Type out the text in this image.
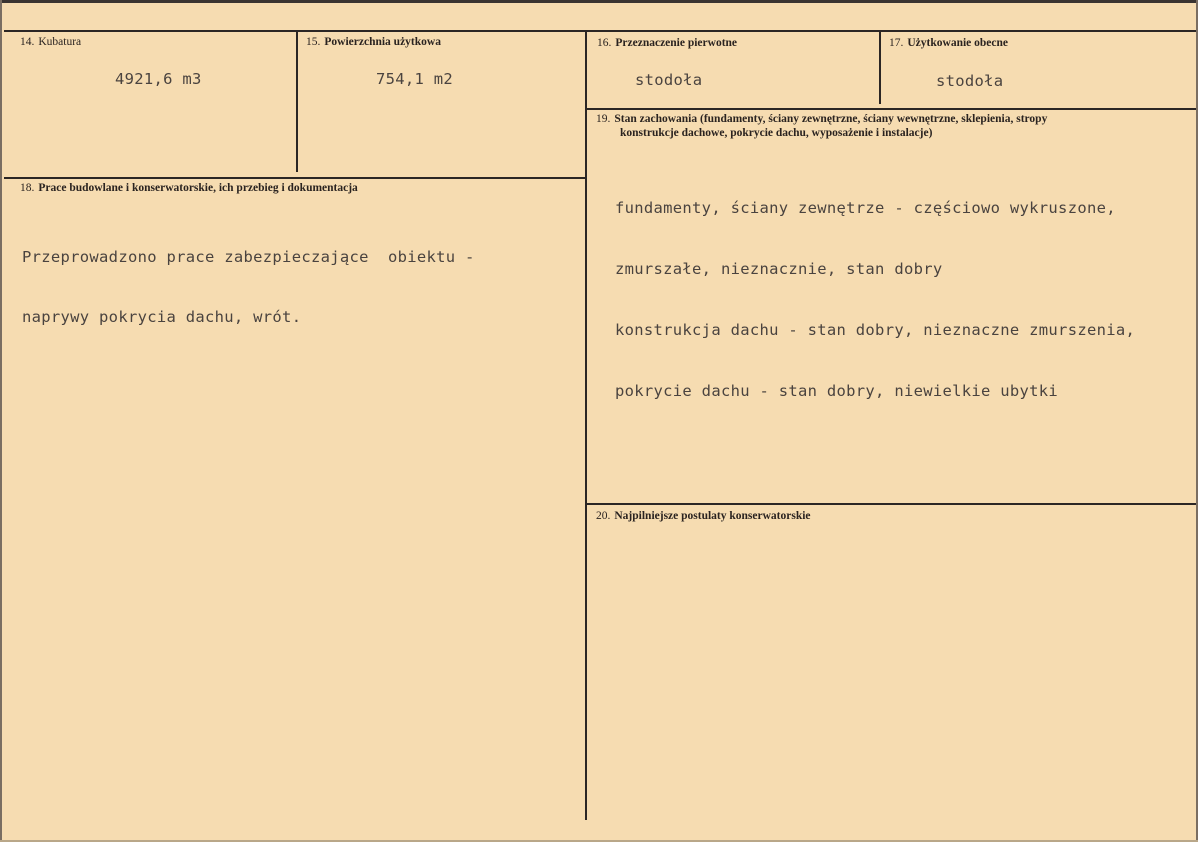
14. Kubatura
4921,6 m3
15. Powierzchnia użytkowa
754,1 m2
16. Przeznaczenie pierwotne
stodoła
17. Użytkowanie obecne
stodoła
19. Stan zachowania (fundamenty, ściany zewnętrzne, ściany wewnętrzne, sklepienia, stropy
konstrukcje dachowe, pokrycie dachu, wyposażenie i instalacje)

fundamenty, ściany zewnętrze - częściowo wykruszone,

zmurszałe, nieznacznie, stan dobry

konstrukcja dachu - stan dobry, nieznaczne zmurszenia,

pokrycie dachu - stan dobry, niewielkie ubytki

18. Prace budowlane i konserwatorskie, ich przebieg i dokumentacja

Przeprowadzono prace zabezpieczające  obiektu -

naprywy pokrycia dachu, wrót.

20. Najpilniejsze postulaty konserwatorskie
